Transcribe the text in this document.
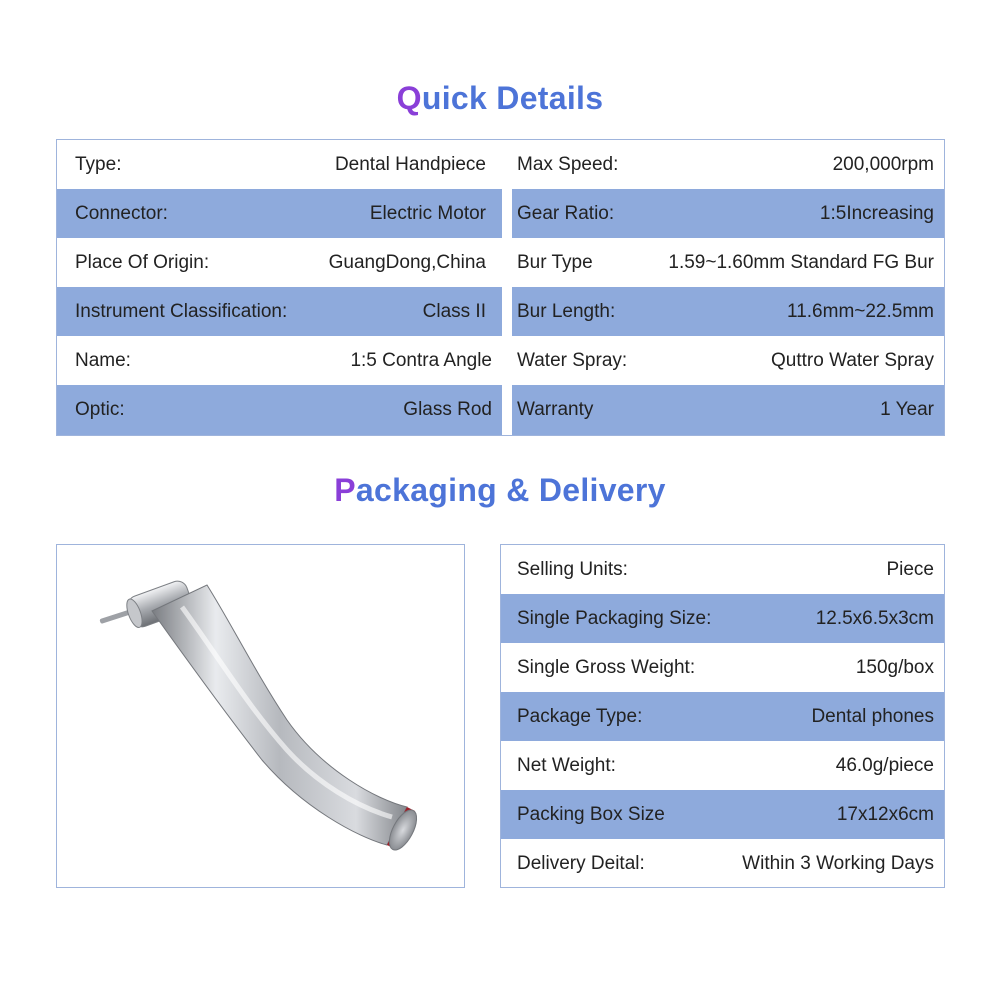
Quick Details
Type:	Dental Handpiece Max Speed:	200,000rpm
Connector:	Electric Motor Gear Ratio:	1:5Increasing
Place Of Origin:	GuangDong,China Bur Type	1.59~1.60mm Standard FG Bur
Instrument Classification:	Class II Bur Length:	11.6mm~22.5mm
Name:	1:5 Contra Angle Water Spray:	Quttro Water Spray
Optic:	Glass Rod Warranty	1 Year
Packaging & Delivery
Selling Units:	Piece
Single Packaging Size:	12.5x6.5x3cm
Single Gross Weight:	150g/box
Package Type:	Dental phones
Net Weight:	46.0g/piece
Packing Box Size	17x12x6cm
Delivery Deital:	Within 3 Working Days
